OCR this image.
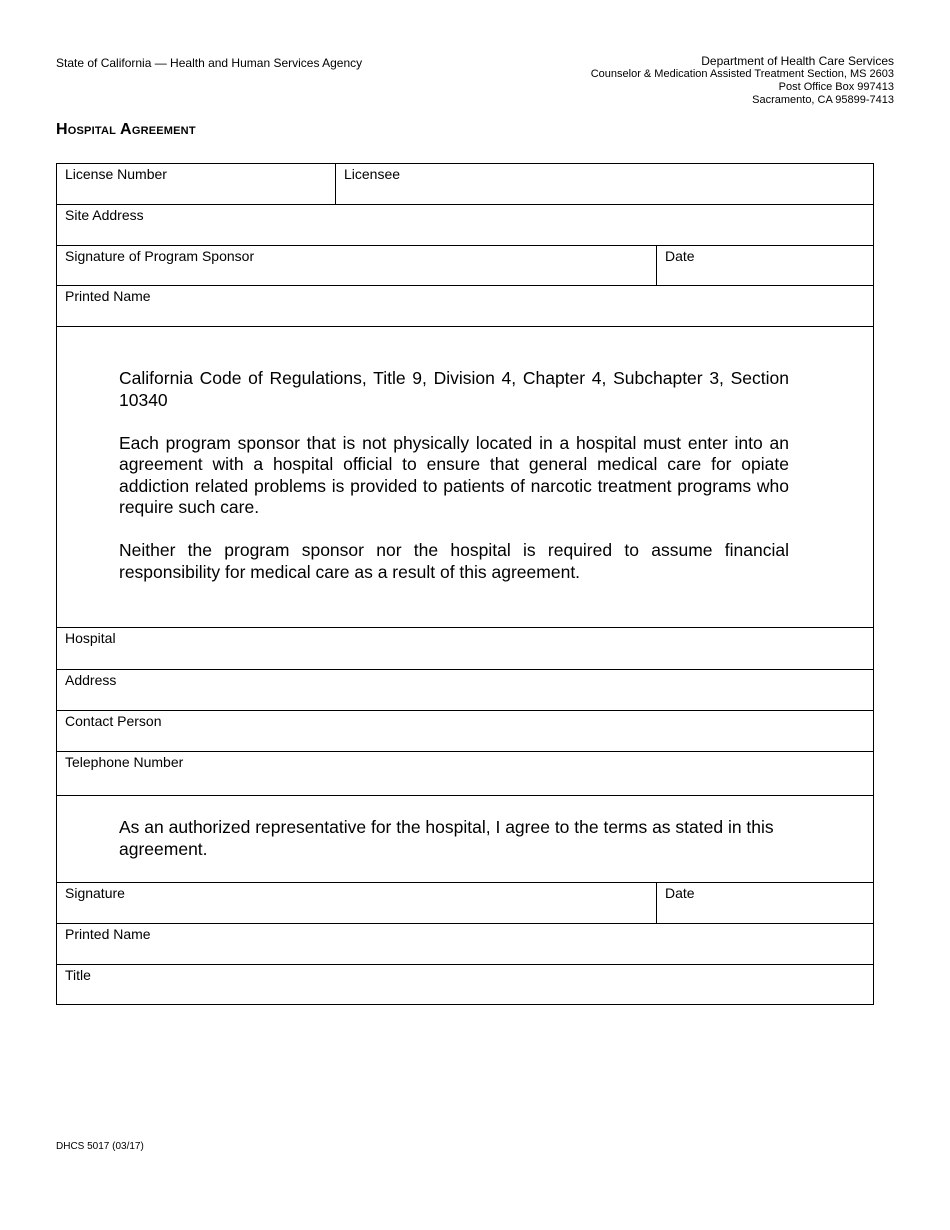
State of California — Health and Human Services Agency	Department of Health Care Services
Counselor & Medication Assisted Treatment Section, MS 2603
Post Office Box 997413
Sacramento, CA 95899-7413
Hospital Agreement
License Number	Licensee
Site Address
Signature of Program Sponsor	Date
Printed Name

California Code of Regulations, Title 9, Division 4, Chapter 4, Subchapter 3, Section 10340

Each program sponsor that is not physically located in a hospital must enter into an agreement with a hospital official to ensure that general medical care for opiate addiction related problems is provided to patients of narcotic treatment programs who require such care.

Neither the program sponsor nor the hospital is required to assume financial responsibility for medical care as a result of this agreement.

Hospital
Address
Contact Person
Telephone Number

As an authorized representative for the hospital, I agree to the terms as stated in this agreement.

Signature	Date
Printed Name
Title
DHCS 5017 (03/17)
